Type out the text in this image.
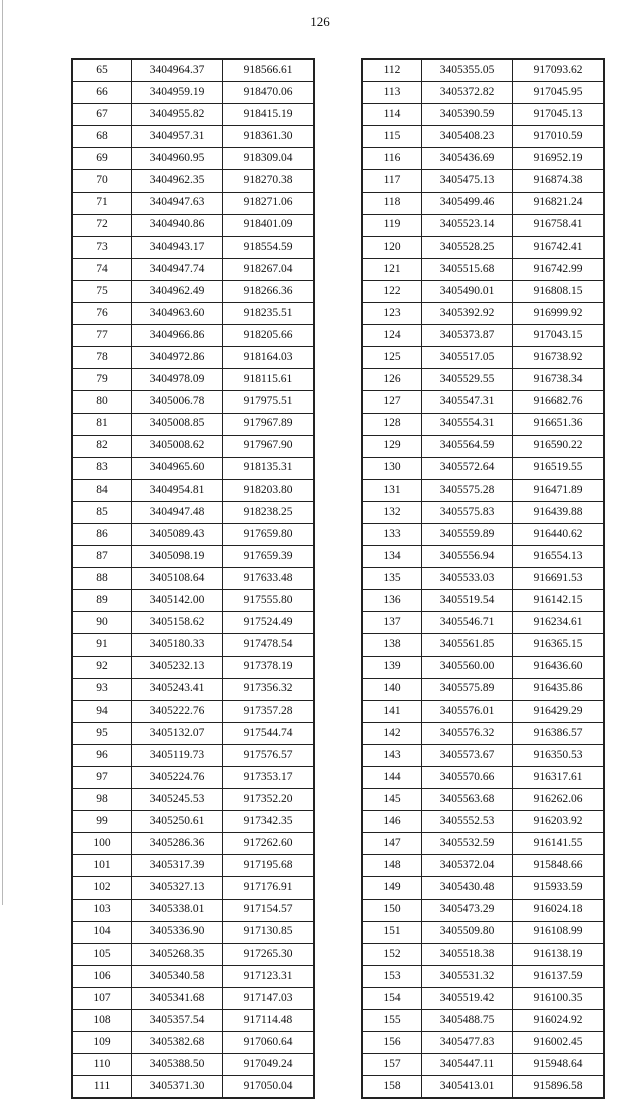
126
65	3404964.37	918566.61
66	3404959.19	918470.06
67	3404955.82	918415.19
68	3404957.31	918361.30
69	3404960.95	918309.04
70	3404962.35	918270.38
71	3404947.63	918271.06
72	3404940.86	918401.09
73	3404943.17	918554.59
74	3404947.74	918267.04
75	3404962.49	918266.36
76	3404963.60	918235.51
77	3404966.86	918205.66
78	3404972.86	918164.03
79	3404978.09	918115.61
80	3405006.78	917975.51
81	3405008.85	917967.89
82	3405008.62	917967.90
83	3404965.60	918135.31
84	3404954.81	918203.80
85	3404947.48	918238.25
86	3405089.43	917659.80
87	3405098.19	917659.39
88	3405108.64	917633.48
89	3405142.00	917555.80
90	3405158.62	917524.49
91	3405180.33	917478.54
92	3405232.13	917378.19
93	3405243.41	917356.32
94	3405222.76	917357.28
95	3405132.07	917544.74
96	3405119.73	917576.57
97	3405224.76	917353.17
98	3405245.53	917352.20
99	3405250.61	917342.35
100	3405286.36	917262.60
101	3405317.39	917195.68
102	3405327.13	917176.91
103	3405338.01	917154.57
104	3405336.90	917130.85
105	3405268.35	917265.30
106	3405340.58	917123.31
107	3405341.68	917147.03
108	3405357.54	917114.48
109	3405382.68	917060.64
110	3405388.50	917049.24
111	3405371.30	917050.04
112	3405355.05	917093.62
113	3405372.82	917045.95
114	3405390.59	917045.13
115	3405408.23	917010.59
116	3405436.69	916952.19
117	3405475.13	916874.38
118	3405499.46	916821.24
119	3405523.14	916758.41
120	3405528.25	916742.41
121	3405515.68	916742.99
122	3405490.01	916808.15
123	3405392.92	916999.92
124	3405373.87	917043.15
125	3405517.05	916738.92
126	3405529.55	916738.34
127	3405547.31	916682.76
128	3405554.31	916651.36
129	3405564.59	916590.22
130	3405572.64	916519.55
131	3405575.28	916471.89
132	3405575.83	916439.88
133	3405559.89	916440.62
134	3405556.94	916554.13
135	3405533.03	916691.53
136	3405519.54	916142.15
137	3405546.71	916234.61
138	3405561.85	916365.15
139	3405560.00	916436.60
140	3405575.89	916435.86
141	3405576.01	916429.29
142	3405576.32	916386.57
143	3405573.67	916350.53
144	3405570.66	916317.61
145	3405563.68	916262.06
146	3405552.53	916203.92
147	3405532.59	916141.55
148	3405372.04	915848.66
149	3405430.48	915933.59
150	3405473.29	916024.18
151	3405509.80	916108.99
152	3405518.38	916138.19
153	3405531.32	916137.59
154	3405519.42	916100.35
155	3405488.75	916024.92
156	3405477.83	916002.45
157	3405447.11	915948.64
158	3405413.01	915896.58
